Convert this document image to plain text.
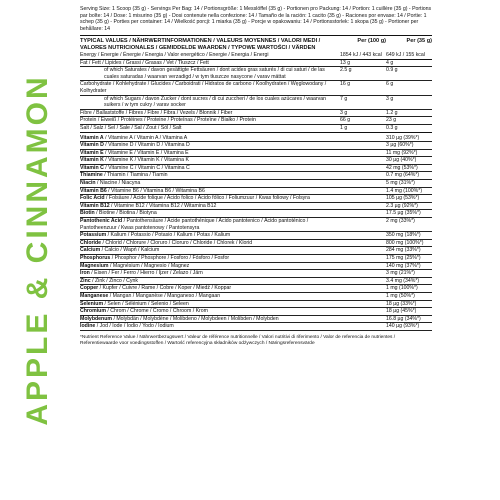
APPLE & CINNAMON
Serving Size: 1 Scoop (35 g) - Servings Per Bag: 14 / Portionsgröße: 1 Messlöffel (35 g) - Portionen pro Packung: 14 / Portion: 1 cuillère (35 g) - Portions par boîte: 14 / Dose: 1 misurino (35 g) - Dosi contenute nella confezione: 14 / Tamaño de la ración: 1 cacito (35 g) - Raciones por envase: 14 / Portie: 1 schep (35 g) - Porties per container: 14 / Wielkość porcji: 1 miarka (35 g) - Porcje w opakowaniu: 14 / Portionsstorlek: 1 skopa (35 g) - Portioner per behållare: 14
TYPICAL VALUES / NÄHRWERTINFORMATIONEN / VALEURS MOYENNES / VALORI MEDI / VALORES NUTRICIONALES / GEMIDDELDE WAARDEN / TYPOWE WARTOŚCI / VÄRDEN
Per (100 g)	Per (35 g)
Energy / Energie / Énergie / Energia / Valor energético / Energie / Energia / Energi	1854 kJ / 443 kcal 649 kJ / 155 kcal
Fat / Fett / Lipides / Grassi / Grasas / Vet / Tłuszcz / Fett	13 g	4 g
of which Saturates / davon gesättigte Fettsäuren / dont acides gras saturés / di cui saturi / de las cuales saturadas / waarvan verzadigd / w tym tłuszcze nasycone / varav mättat
2.5 g	0.9 g
Carbohydrate / Kohlehydrate / Glucides / Carboidrati / Hidratos de carbono / Koolhydraten / Węglowodany / Kolhydrater
16 g	6 g
of which Sugars / davon Zucker / dont sucres / di cui zuccheri / de los cuales azúcares / waarvan suikers / w tym cukry / varav socker
7 g	3 g
Fibre / Ballaststoffe / Fibres / Fibre / Fibra / Vezels / Błonnik / Fiber	3 g	1.2 g
Protein / Eiweiß / Protéines / Proteine / Proteínas / Proteïne / Białko / Protein	66 g	23 g
Salt / Salz / Sel / Sale / Sal / Zout / Sól / Salt	1 g	0.3 g
Vitamin A / Vitamine A / Vitamin A / Vitamina A	310 µg (39%*)
Vitamin D / Vitamine D / Vitamin D / Vitamina D	3 µg (60%*)
Vitamin E / Vitamine E / Vitamin E / Vitamina E	11 mg (92%*)
Vitamin K / Vitamine K / Vitamin K / Vitamina K	30 µg (40%*)
Vitamin C / Vitamine C / Vitamin C / Vitamina C	42 mg (53%*)
Thiamine / Thiamin / Tiamina / Tiamin	0.7 mg (64%*)
Niacin / Niacine / Niacyna	5 mg (31%*)
Vitamin B6 / Vitamine B6 / Vitamina B6 / Witamina B6	1.4 mg (100%*)
Folic Acid / Folsäure / Acide folique / Acido folico / Ácido fólico / Foliumzuur / Kwas foliowy / Folsyra	105 µg (53%*)
Vitamin B12 / Vitamine B12 / Vitamina B12 / Witamina B12	2.3 µg (92%*)
Biotin / Biotine / Biotina / Biotyna	17.5 µg (35%*)
Pantothenic Acid / Pantothensäure / Acide pantothénique / Acido pantotenico / Ácido pantoténico / Pantotheenzuur / Kwas pantotenowy / Pantotensyra
2 mg (33%*)
Potassium / Kalium / Potassio / Potasio / Kalium / Potas / Kalium	350 mg (18%*)
Chloride / Chlorid / Chlorure / Cloruro / Cloruro / Chloride / Chlorek / Klorid	800 mg (100%*)
Calcium / Calcio / Wapń / Kalcium	284 mg (33%*)
Phosphorus / Phosphor / Phosphore / Fosforo / Fósforo / Fosfor	175 mg (25%*)
Magnesium / Magnésium / Magnesio / Magnez	140 mg (37%*)
Iron / Eisen / Fer / Ferro / Hierro / Ijzer / Żelazo / Järn	3 mg (21%*)
Zinc / Zink / Zinco / Cynk	3.4 mg (34%*)
Copper / Kupfer / Cuivre / Rame / Cobre / Koper / Miedź / Koppar	1 mg (100%*)
Manganese / Mangan / Manganèse / Manganeso / Mangaan	1 mg (50%*)
Selenium / Selen / Sélénium / Selenio / Seleen	18 µg (33%*)
Chromium / Chrom / Chrome / Cromo / Chroom / Krom	18 µg (45%*)
Molybdenum / Molybdän / Molybdène / Molibdeno / Molybdeen / Molibden / Molybden	16.8 µg (34%*)
Iodine / Jod / Iode / Iodio / Yodo / Iodium	140 µg (93%*)
*Nutrient Reference Value / Nährwertbezugswert / Valeur de référence nutritionnelle / Valori nutritivi di riferimento / Valor de referencia de nutrientes / Referentiewaarde voor voedingsstoffen / Wartość referencyjna składników odżywczych / Näringsreferensvärde
